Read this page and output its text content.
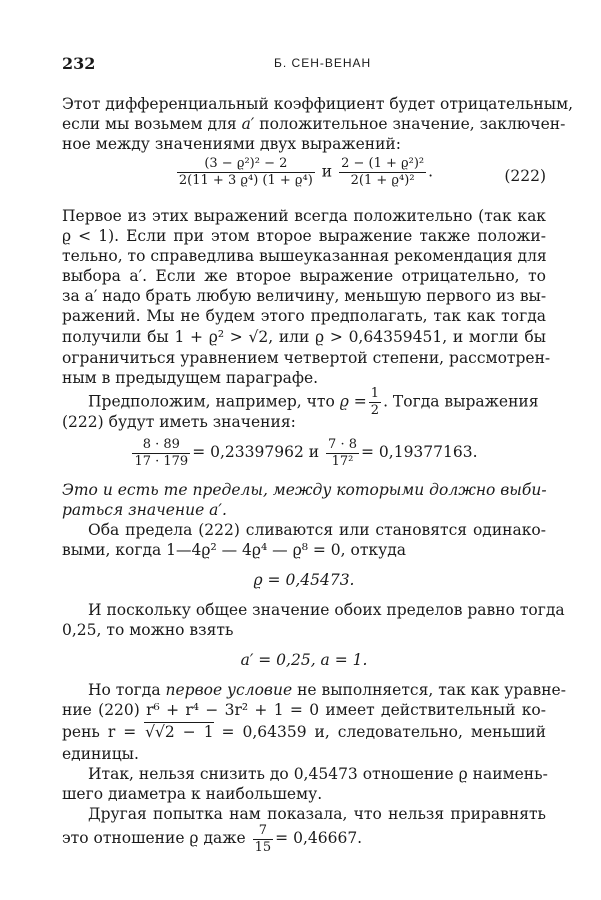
232	Б. СЕН-ВЕНАН
Этот дифференциальный коэффициент будет отрицательным,
если мы возьмем для a′ положительное значение, заключен-
ное между значениями двух выражений:
$\frac{\text{(3 − ϱ²)² − 2}}{\text{2(11 + 3 ϱ⁴) (1 + ϱ⁴)}}$ и $\frac{\text{2 − (1 + ϱ²)²}}{\text{2(1 + ϱ⁴)²}}$ .	(222)
Первое из этих выражений всегда положительно (так как
ϱ < 1). Если при этом второе выражение также положи-
тельно, то справедлива вышеуказанная рекомендация для
выбора a′. Если же второе выражение отрицательно, то
за a′ надо брать любую величину, меньшую первого из вы-
ражений. Мы не будем этого предполагать, так как тогда
получили бы 1 + ϱ² > √2, или ϱ > 0,64359451, и могли бы
ограничиться уравнением четвертой степени, рассмотрен-
ным в предыдущем параграфе.
Предположим, например, что $ϱ = \frac{1}{2}$ . Тогда выражения
(222) будут иметь значения:
$\frac{8 \cdot 89}{17 \cdot 179} = 0,23397962$ и $\frac{7 \cdot 8}{\text{17²}} = 0,19377163$.
Это и есть те пределы, между которыми должно выби-
раться значение a′.
Оба предела (222) сливаются или становятся одинако-
выми, когда 1—4ϱ² — 4ϱ⁴ — ϱ⁸ = 0, откуда
ϱ = 0,45473.
И поскольку общее значение обоих пределов равно тогда
0,25, то можно взять
a′ = 0,25, a = 1.
Но тогда первое условие не выполняется, так как уравне-
ние (220) r⁶ + r⁴ − 3r² + 1 = 0 имеет действительный ко-
рень r = √√2 − 1 = 0,64359 и, следовательно, меньший
единицы.
Итак, нельзя снизить до 0,45473 отношение ϱ наимень-
шего диаметра к наибольшему.
Другая попытка нам показала, что нельзя приравнять
это отношение ϱ даже $\frac{7}{15} = 0,46667$.
